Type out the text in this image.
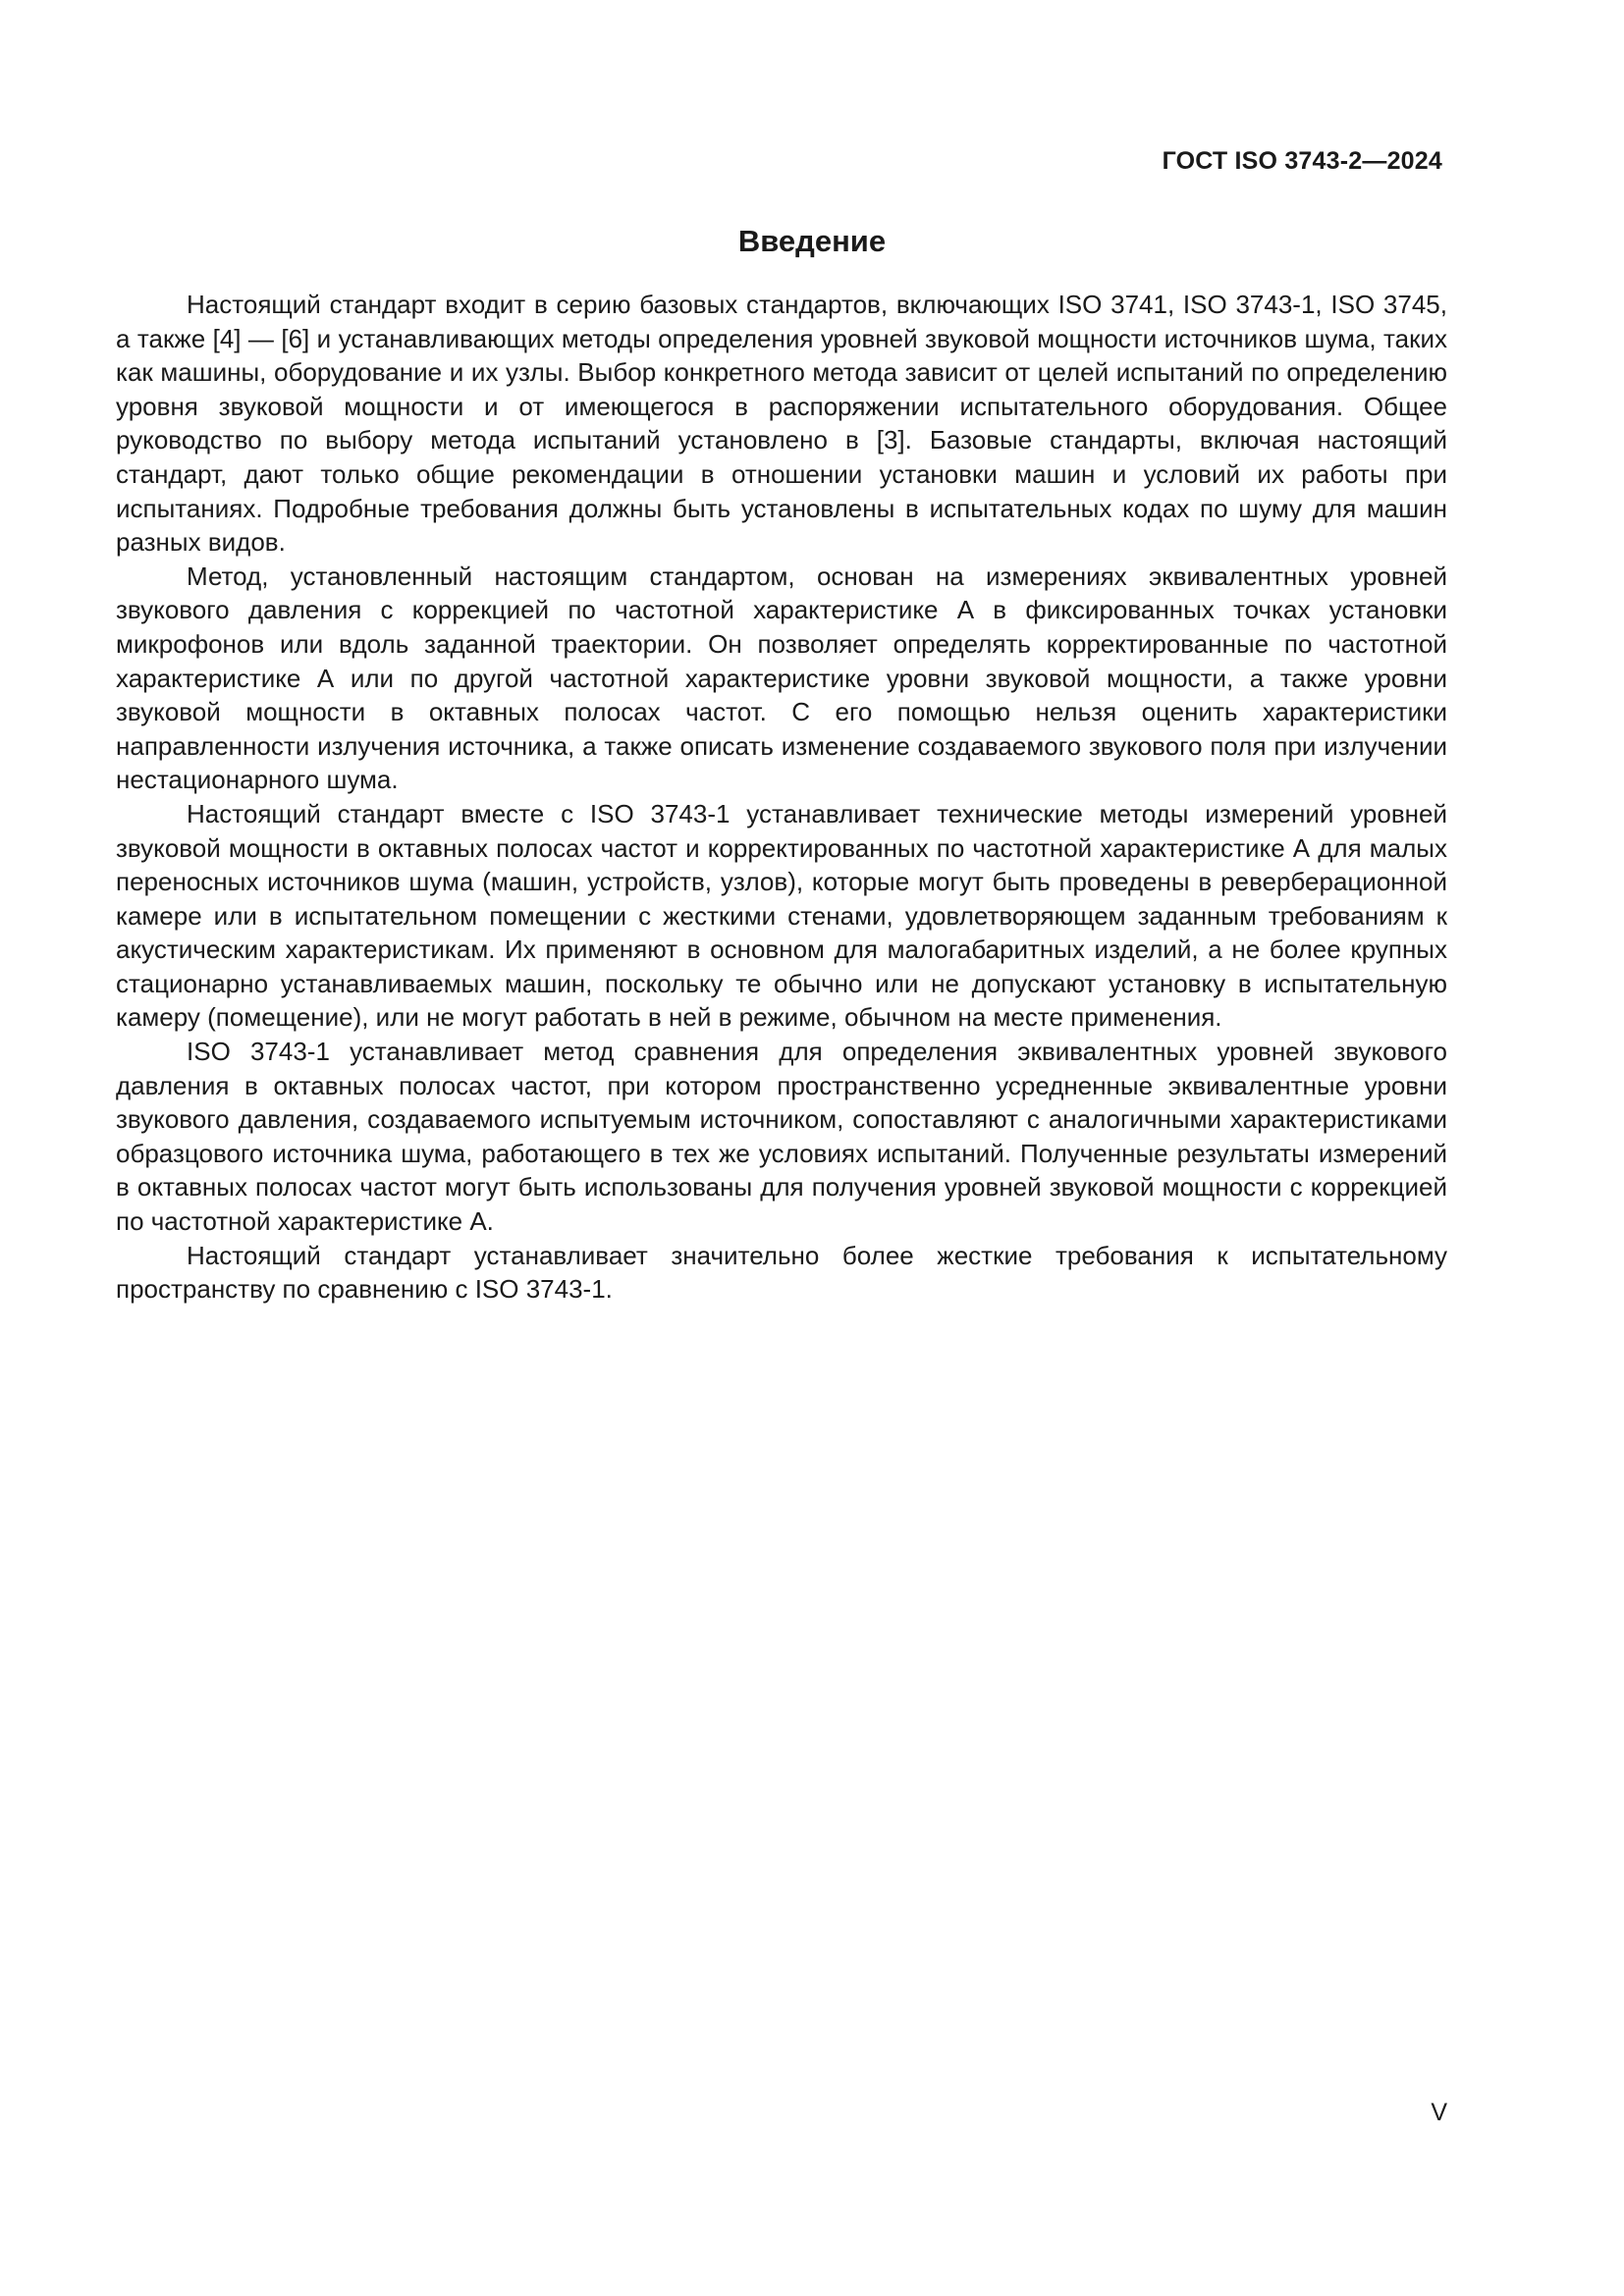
ГОСТ ISO 3743-2—2024
Введение

Настоящий стандарт входит в серию базовых стандартов, включающих ISO 3741, ISO 3743-1, ISO 3745, а также [4] — [6] и устанавливающих методы определения уровней звуковой мощности источников шума, таких как машины, оборудование и их узлы. Выбор конкретного метода зависит от целей испытаний по определению уровня звуковой мощности и от имеющегося в распоряжении испытательного оборудования. Общее руководство по выбору метода испытаний установлено в [3]. Базовые стандарты, включая настоящий стандарт, дают только общие рекомендации в отношении установки машин и условий их работы при испытаниях. Подробные требования должны быть установлены в испытательных кодах по шуму для машин разных видов.

Метод, установленный настоящим стандартом, основан на измерениях эквивалентных уровней звукового давления с коррекцией по частотной характеристике А в фиксированных точках установки микрофонов или вдоль заданной траектории. Он позволяет определять корректированные по частотной характеристике А или по другой частотной характеристике уровни звуковой мощности, а также уровни звуковой мощности в октавных полосах частот. С его помощью нельзя оценить характеристики направленности излучения источника, а также описать изменение создаваемого звукового поля при излучении нестационарного шума.

Настоящий стандарт вместе с ISO 3743-1 устанавливает технические методы измерений уровней звуковой мощности в октавных полосах частот и корректированных по частотной характеристике А для малых переносных источников шума (машин, устройств, узлов), которые могут быть проведены в реверберационной камере или в испытательном помещении с жесткими стенами, удовлетворяющем заданным требованиям к акустическим характеристикам. Их применяют в основном для малогабаритных изделий, а не более крупных стационарно устанавливаемых машин, поскольку те обычно или не допускают установку в испытательную камеру (помещение), или не могут работать в ней в режиме, обычном на месте применения.

ISO 3743-1 устанавливает метод сравнения для определения эквивалентных уровней звукового давления в октавных полосах частот, при котором пространственно усредненные эквивалентные уровни звукового давления, создаваемого испытуемым источником, сопоставляют с аналогичными характеристиками образцового источника шума, работающего в тех же условиях испытаний. Полученные результаты измерений в октавных полосах частот могут быть использованы для получения уровней звуковой мощности с коррекцией по частотной характеристике А.

Настоящий стандарт устанавливает значительно более жесткие требования к испытательному пространству по сравнению с ISO 3743-1.

V
